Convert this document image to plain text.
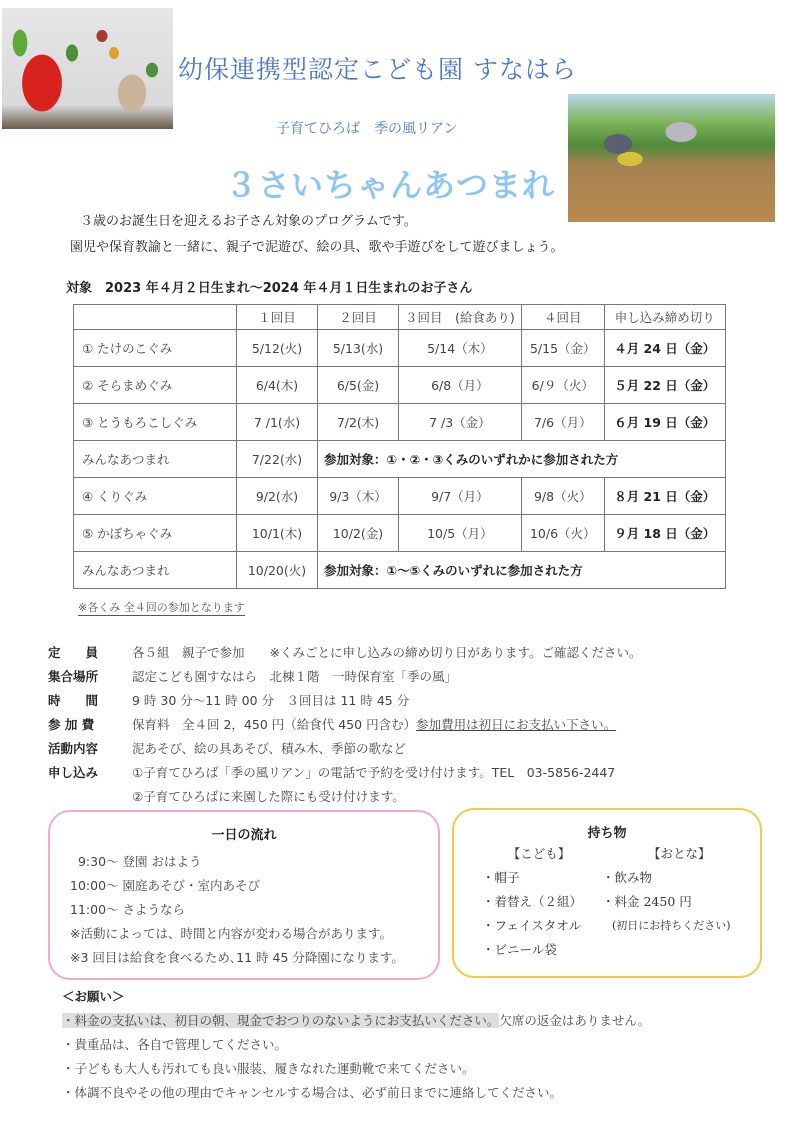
幼保連携型認定こども園 すなはら
子育てひろば　季の風リアン
３さいちゃんあつまれ
３歳のお誕生日を迎えるお子さん対象のプログラムです。
園児や保育教諭と一緒に、親子で泥遊び、絵の具、歌や手遊びをして遊びましょう。
対象　2023 年４月２日生まれ～2024 年４月１日生まれのお子さん
	１回目	２回目	３回目　(給食あり)	４回目	申し込み締め切り
① たけのこぐみ	5/12(火)	5/13(水)	5/14（木）	5/15（金）	４月 24 日（金）
② そらまめぐみ	6/4(木)	6/5(金)	6/8（月）	6/９（火）	５月 22 日（金）
③ とうもろこしぐみ	7 /1(水)	7/2(木)	7 /3（金）	7/6（月）	６月 19 日（金）
みんなあつまれ	7/22(水)	参加対象：①・②・③くみのいずれかに参加された方			
④ くりぐみ	9/2(水)	9/3（木）	9/7（月）	9/8（火）	８月 21 日（金）
⑤ かぼちゃぐみ	10/1(木)	10/2(金)	10/5（月）	10/6（火）	９月 18 日（金）
みんなあつまれ	10/20(火)	参加対象：①～⑤くみのいずれに参加された方			
※各くみ 全４回の参加となります
定　　員	各５組　親子で参加　　※くみごとに申し込みの締め切り日があります。ご確認ください。
集合場所	認定こども園すなはら　北棟１階　一時保育室「季の風」
時　　間	9 時 30 分～11 時 00 分　３回目は 11 時 45 分
参 加 費	保育料　全４回 2，450 円（給食代 450 円含む） 参加費用は初日にお支払い下さい。
活動内容	泥あそび、絵の具あそび、積み木、季節の歌など
申し込み	①子育てひろば「季の風リアン」の電話で予約を受け付けます。TEL　03-5856-2447
②子育てひろばに来園した際にも受け付けます。
一日の流れ
9:30～ 登園 おはよう
10:00～ 園庭あそび・室内あそび
11:00～ さようなら
※活動によっては、時間と内容が変わる場合があります。
※3 回目は給食を食べるため､11 時 45 分降園になります。
持ち物
【こども】
・帽子
・着替え（２組）
・フェイスタオル
・ビニール袋
【おとな】
・飲み物
・料金 2450 円
(初日にお持ちください)
＜お願い＞
・料金の支払いは、初日の朝、現金でおつりのないようにお支払いください。欠席の返金はありません。
・貴重品は、各自で管理してください。
・子どもも大人も汚れても良い服装、履きなれた運動靴で来てください。
・体調不良やその他の理由でキャンセルする場合は、必ず前日までに連絡してください。
